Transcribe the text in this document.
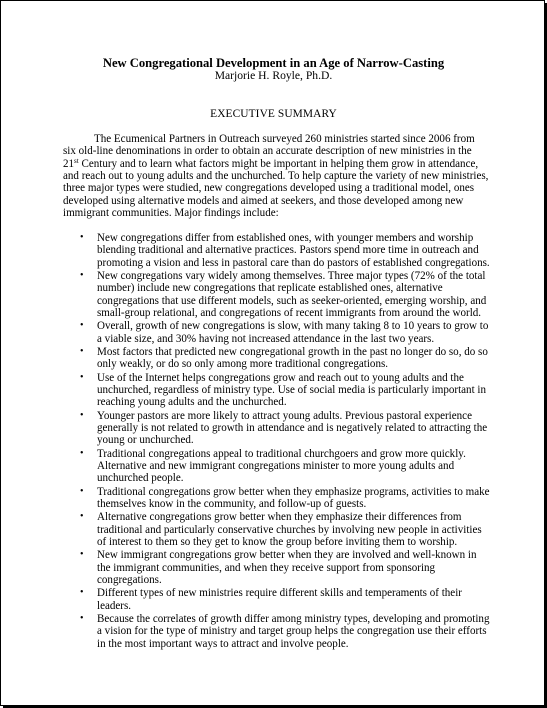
New Congregational Development in an Age of Narrow-Casting
Marjorie H. Royle, Ph.D.
EXECUTIVE SUMMARY

The Ecumenical Partners in Outreach surveyed 260 ministries started since 2006 from six old-line denominations in order to obtain an accurate description of new ministries in the 21st Century and to learn what factors might be important in helping them grow in attendance, and reach out to young adults and the unchurched. To help capture the variety of new ministries, three major types were studied, new congregations developed using a traditional model, ones developed using alternative models and aimed at seekers, and those developed among new immigrant communities. Major findings include:

• New congregations differ from established ones, with younger members and worship blending traditional and alternative practices. Pastors spend more time in outreach and promoting a vision and less in pastoral care than do pastors of established congregations.
• New congregations vary widely among themselves. Three major types (72% of the total number) include new congregations that replicate established ones, alternative congregations that use different models, such as seeker-oriented, emerging worship, and small-group relational, and congregations of recent immigrants from around the world.
• Overall, growth of new congregations is slow, with many taking 8 to 10 years to grow to a viable size, and 30% having not increased attendance in the last two years.
• Most factors that predicted new congregational growth in the past no longer do so, do so only weakly, or do so only among more traditional congregations.
• Use of the Internet helps congregations grow and reach out to young adults and the unchurched, regardless of ministry type. Use of social media is particularly important in reaching young adults and the unchurched.
• Younger pastors are more likely to attract young adults. Previous pastoral experience generally is not related to growth in attendance and is negatively related to attracting the young or unchurched.
• Traditional congregations appeal to traditional churchgoers and grow more quickly. Alternative and new immigrant congregations minister to more young adults and unchurched people.
• Traditional congregations grow better when they emphasize programs, activities to make themselves know in the community, and follow-up of guests.
• Alternative congregations grow better when they emphasize their differences from traditional and particularly conservative churches by involving new people in activities of interest to them so they get to know the group before inviting them to worship.
• New immigrant congregations grow better when they are involved and well-known in the immigrant communities, and when they receive support from sponsoring congregations.
• Different types of new ministries require different skills and temperaments of their leaders.
• Because the correlates of growth differ among ministry types, developing and promoting a vision for the type of ministry and target group helps the congregation use their efforts in the most important ways to attract and involve people.
